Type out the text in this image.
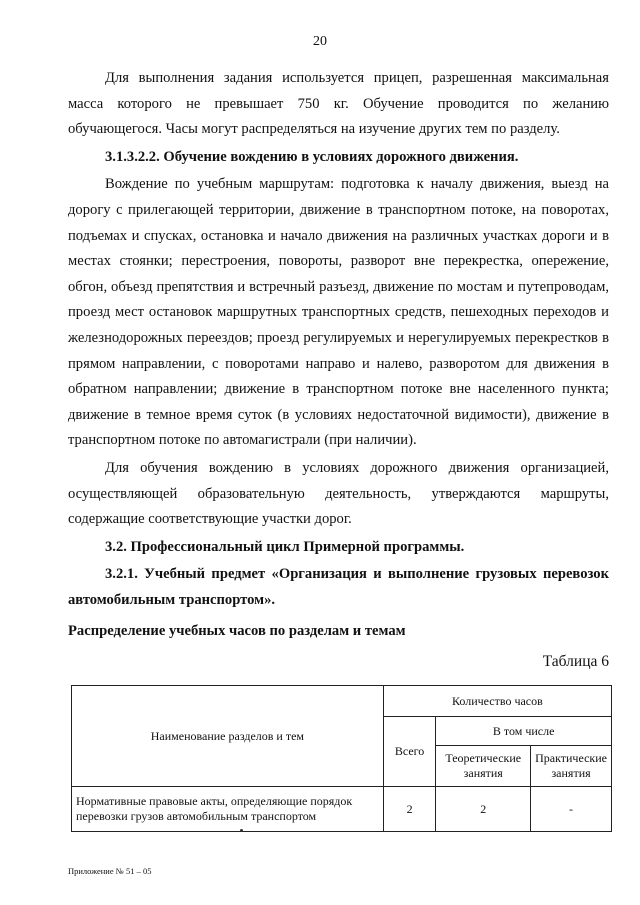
20

Для выполнения задания используется прицеп, разрешенная максимальная масса которого не превышает 750 кг. Обучение проводится по желанию обучающегося. Часы могут распределяться на изучение других тем по разделу.

3.1.3.2.2. Обучение вождению в условиях дорожного движения.

Вождение по учебным маршрутам: подготовка к началу движения, выезд на дорогу с прилегающей территории, движение в транспортном потоке, на поворотах, подъемах и спусках, остановка и начало движения на различных участках дороги и в местах стоянки; перестроения, повороты, разворот вне перекрестка, опережение, обгон, объезд препятствия и встречный разъезд, движение по мостам и путепроводам, проезд мест остановок маршрутных транспортных средств, пешеходных переходов и железнодорожных переездов; проезд регулируемых и нерегулируемых перекрестков в прямом направлении, с поворотами направо и налево, разворотом для движения в обратном направлении; движение в транспортном потоке вне населенного пункта; движение в темное время суток (в условиях недостаточной видимости), движение в транспортном потоке по автомагистрали (при наличии).

Для обучения вождению в условиях дорожного движения организацией, осуществляющей образовательную деятельность, утверждаются маршруты, содержащие соответствующие участки дорог.

3.2. Профессиональный цикл Примерной программы.

3.2.1. Учебный предмет «Организация и выполнение грузовых перевозок автомобильным транспортом».

Распределение учебных часов по разделам и темам

Таблица 6

Наименование разделов и тем	Количество часов		
	Всего	В том числе	
		Теоретические занятия	Практические занятия
Нормативные правовые акты, определяющие порядок перевозки грузов автомобильным транспортом	2	2	-
Приложение № 51 – 05
